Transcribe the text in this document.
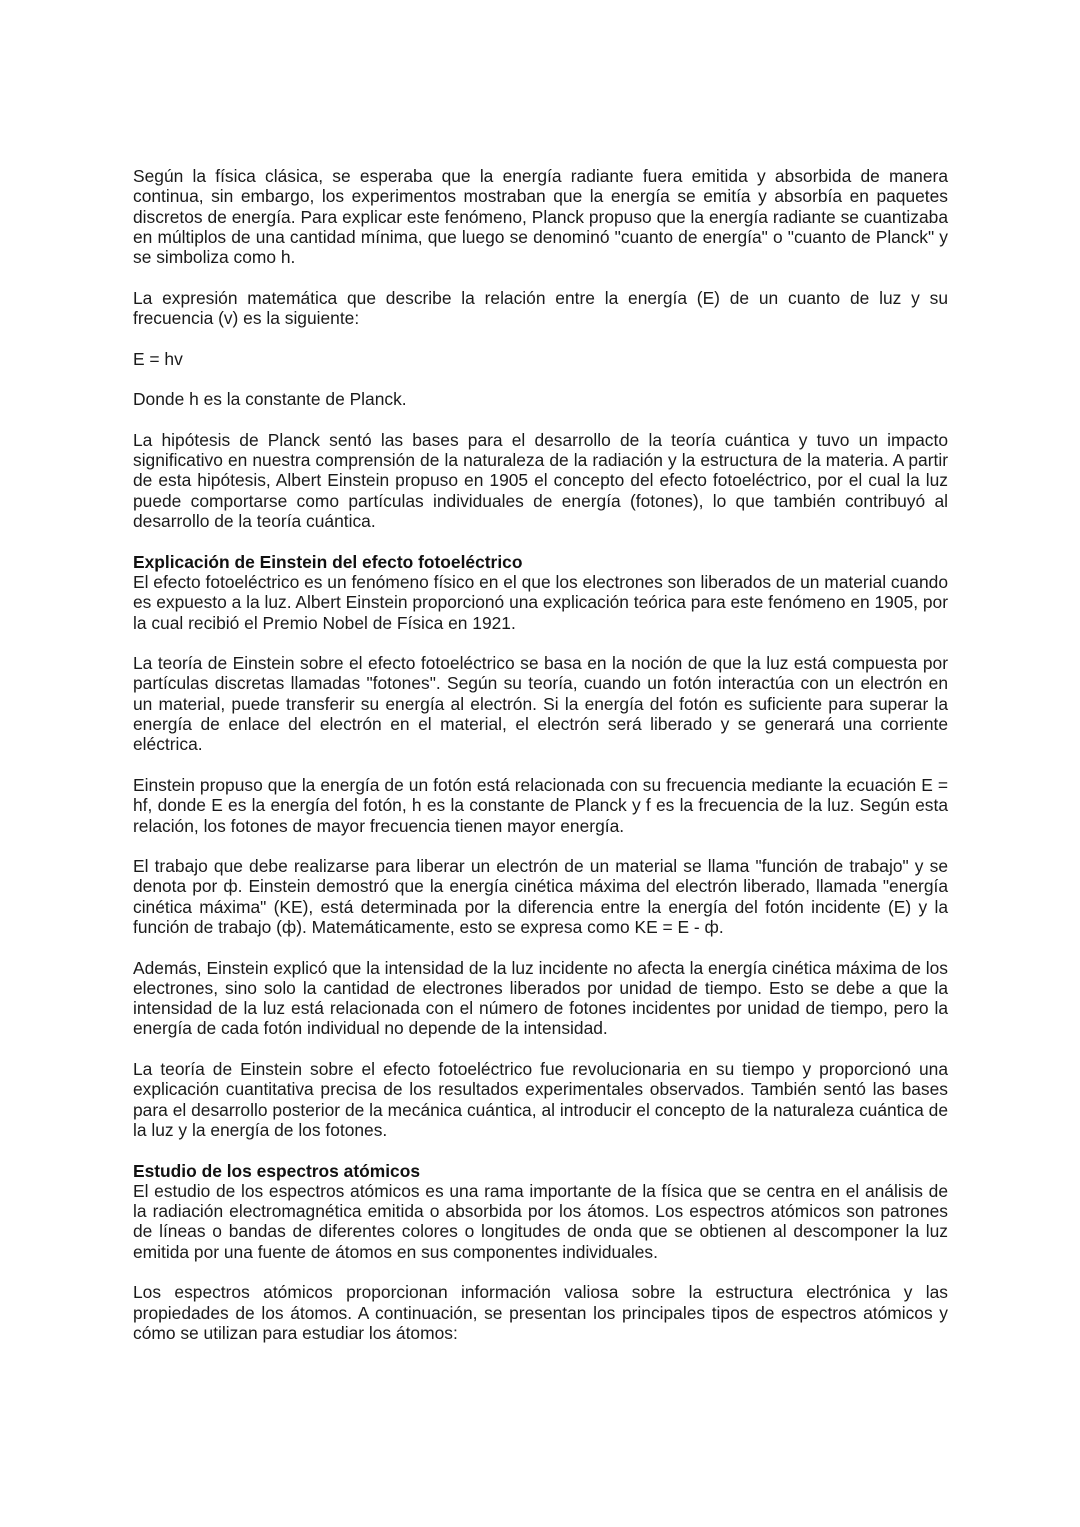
Según la física clásica, se esperaba que la energía radiante fuera emitida y absorbida de manera continua, sin embargo, los experimentos mostraban que la energía se emitía y absorbía en paquetes discretos de energía. Para explicar este fenómeno, Planck propuso que la energía radiante se cuantizaba en múltiplos de una cantidad mínima, que luego se denominó "cuanto de energía" o "cuanto de Planck" y se simboliza como h.

La expresión matemática que describe la relación entre la energía (E) de un cuanto de luz y su frecuencia (v) es la siguiente:

E = hv

Donde h es la constante de Planck.

La hipótesis de Planck sentó las bases para el desarrollo de la teoría cuántica y tuvo un impacto significativo en nuestra comprensión de la naturaleza de la radiación y la estructura de la materia. A partir de esta hipótesis, Albert Einstein propuso en 1905 el concepto del efecto fotoeléctrico, por el cual la luz puede comportarse como partículas individuales de energía (fotones), lo que también contribuyó al desarrollo de la teoría cuántica.

Explicación de Einstein del efecto fotoeléctrico

El efecto fotoeléctrico es un fenómeno físico en el que los electrones son liberados de un material cuando es expuesto a la luz. Albert Einstein proporcionó una explicación teórica para este fenómeno en 1905, por la cual recibió el Premio Nobel de Física en 1921.

La teoría de Einstein sobre el efecto fotoeléctrico se basa en la noción de que la luz está compuesta por partículas discretas llamadas "fotones". Según su teoría, cuando un fotón interactúa con un electrón en un material, puede transferir su energía al electrón. Si la energía del fotón es suficiente para superar la energía de enlace del electrón en el material, el electrón será liberado y se generará una corriente eléctrica.

Einstein propuso que la energía de un fotón está relacionada con su frecuencia mediante la ecuación E = hf, donde E es la energía del fotón, h es la constante de Planck y f es la frecuencia de la luz. Según esta relación, los fotones de mayor frecuencia tienen mayor energía.

El trabajo que debe realizarse para liberar un electrón de un material se llama "función de trabajo" y se denota por ф. Einstein demostró que la energía cinética máxima del electrón liberado, llamada "energía cinética máxima" (KE), está determinada por la diferencia entre la energía del fotón incidente (E) y la función de trabajo (ф). Matemáticamente, esto se expresa como KE = E - ф.

Además, Einstein explicó que la intensidad de la luz incidente no afecta la energía cinética máxima de los electrones, sino solo la cantidad de electrones liberados por unidad de tiempo. Esto se debe a que la intensidad de la luz está relacionada con el número de fotones incidentes por unidad de tiempo, pero la energía de cada fotón individual no depende de la intensidad.

La teoría de Einstein sobre el efecto fotoeléctrico fue revolucionaria en su tiempo y proporcionó una explicación cuantitativa precisa de los resultados experimentales observados. También sentó las bases para el desarrollo posterior de la mecánica cuántica, al introducir el concepto de la naturaleza cuántica de la luz y la energía de los fotones.

Estudio de los espectros atómicos

El estudio de los espectros atómicos es una rama importante de la física que se centra en el análisis de la radiación electromagnética emitida o absorbida por los átomos. Los espectros atómicos son patrones de líneas o bandas de diferentes colores o longitudes de onda que se obtienen al descomponer la luz emitida por una fuente de átomos en sus componentes individuales.

Los espectros atómicos proporcionan información valiosa sobre la estructura electrónica y las propiedades de los átomos. A continuación, se presentan los principales tipos de espectros atómicos y cómo se utilizan para estudiar los átomos:
